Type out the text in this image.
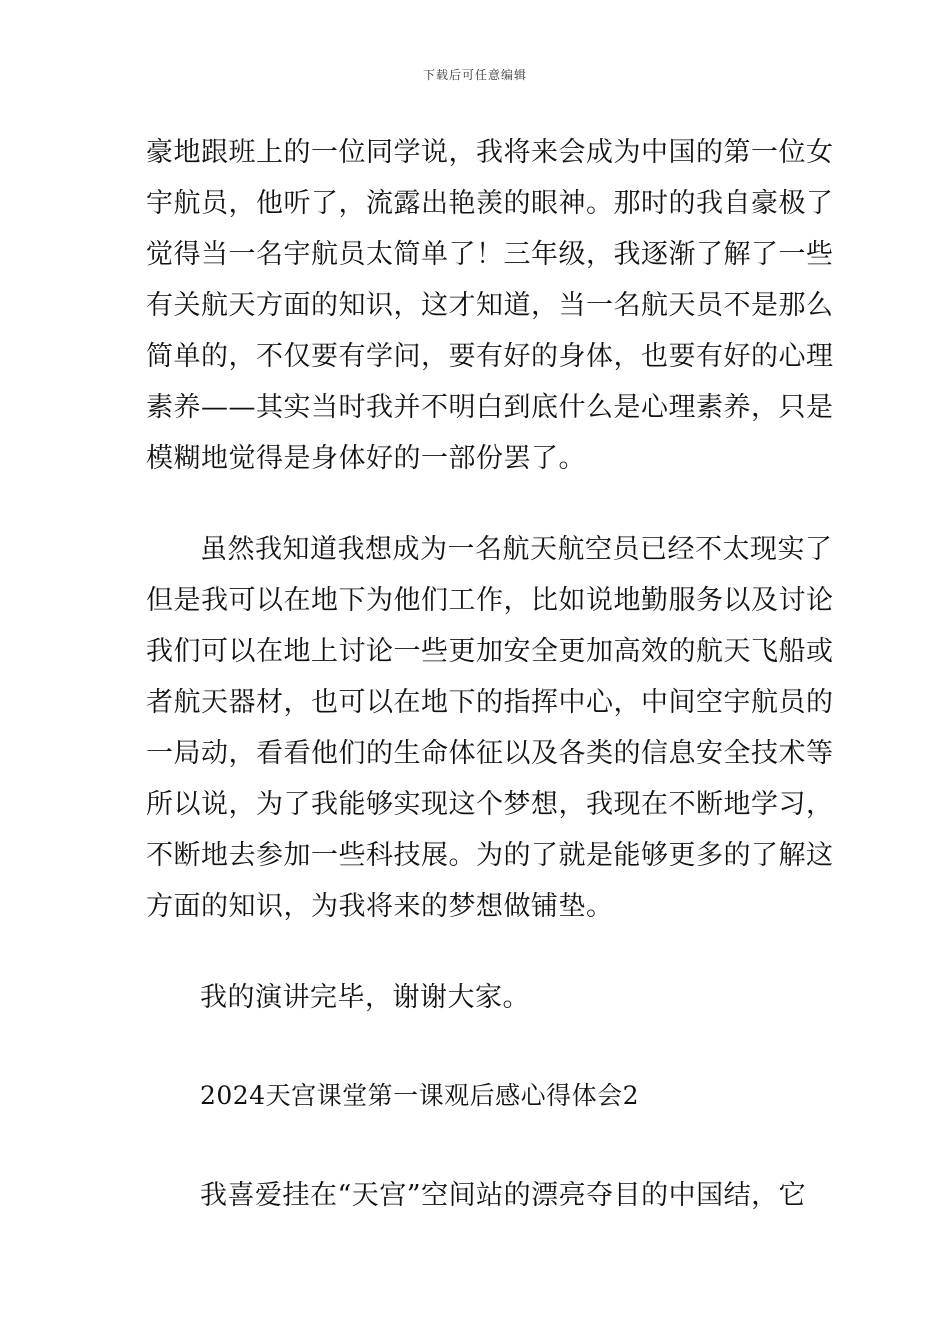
下载后可任意编辑
豪地跟班上的一位同学说，我将来会成为中国的第一位女
宇航员，他听了，流露出艳羡的眼神。那时的我自豪极了
觉得当一名宇航员太简单了！三年级，我逐渐了解了一些
有关航天方面的知识，这才知道，当一名航天员不是那么
简单的，不仅要有学问，要有好的身体，也要有好的心理
素养——其实当时我并不明白到底什么是心理素养，只是
模糊地觉得是身体好的一部份罢了。
虽然我知道我想成为一名航天航空员已经不太现实了
但是我可以在地下为他们工作，比如说地勤服务以及讨论
我们可以在地上讨论一些更加安全更加高效的航天飞船或
者航天器材，也可以在地下的指挥中心，中间空宇航员的
一局动，看看他们的生命体征以及各类的信息安全技术等
所以说，为了我能够实现这个梦想，我现在不断地学习，
不断地去参加一些科技展。为的了就是能够更多的了解这
方面的知识，为我将来的梦想做铺垫。
我的演讲完毕，谢谢大家。
2024天宫课堂第一课观后感心得体会2
我喜爱挂在“天宫”空间站的漂亮夺目的中国结，它
